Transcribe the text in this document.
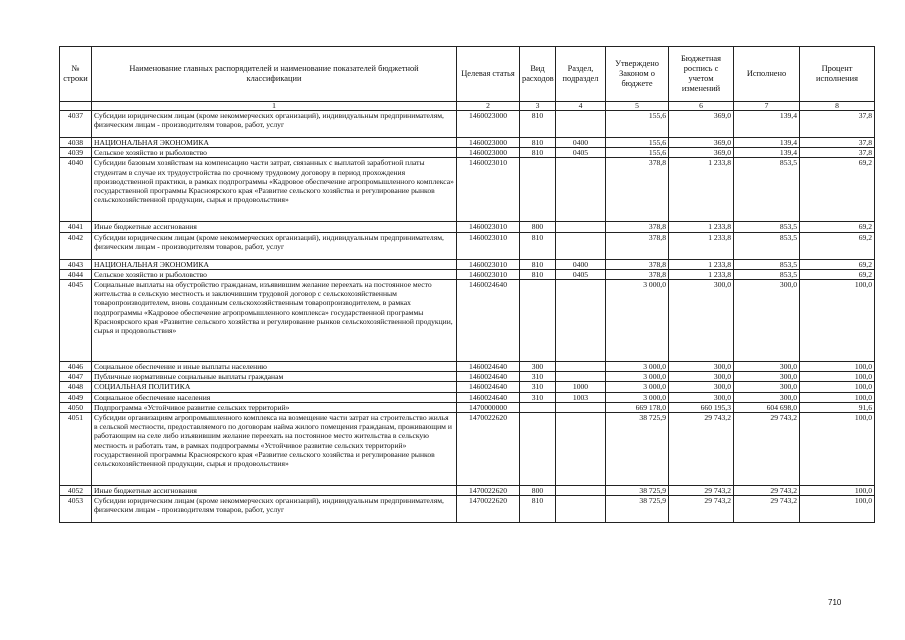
№ строки	Наименование главных распорядителей и наименование показателей бюджетной классификации	Целевая статья	Вид расходов	Раздел, подраздел	Утверждено Законом о бюджете	Бюджетная роспись с учетом изменений	Исполнено	Процент исполнения
	1	2	3	4	5	6	7	8
4037	Субсидии юридическим лицам (кроме некоммерческих организаций), индивидуальным предпринимателям, физическим лицам - производителям товаров, работ, услуг	1460023000	810		155,6	369,0	139,4	37,8
4038	НАЦИОНАЛЬНАЯ ЭКОНОМИКА	1460023000	810	0400	155,6	369,0	139,4	37,8
4039	Сельское хозяйство и рыболовство	1460023000	810	0405	155,6	369,0	139,4	37,8
4040	Субсидии базовым хозяйствам на компенсацию части затрат, связанных с выплатой заработной платы студентам в случае их трудоустройства по срочному трудовому договору в период прохождения производственной практики, в рамках подпрограммы «Кадровое обеспечение агропромышленного комплекса» государственной программы Красноярского края «Развитие сельского хозяйства и регулирование рынков сельскохозяйственной продукции, сырья и продовольствия»	1460023010			378,8	1 233,8	853,5	69,2
4041	Иные бюджетные ассигнования	1460023010	800		378,8	1 233,8	853,5	69,2
4042	Субсидии юридическим лицам (кроме некоммерческих организаций), индивидуальным предпринимателям, физическим лицам - производителям товаров, работ, услуг	1460023010	810		378,8	1 233,8	853,5	69,2
4043	НАЦИОНАЛЬНАЯ ЭКОНОМИКА	1460023010	810	0400	378,8	1 233,8	853,5	69,2
4044	Сельское хозяйство и рыболовство	1460023010	810	0405	378,8	1 233,8	853,5	69,2
4045	Социальные выплаты на обустройство гражданам, изъявившим желание переехать на постоянное место жительства в сельскую местность и заключившим трудовой договор с сельскохозяйственным товаропроизводителем, вновь созданным сельскохозяйственным товаропроизводителем, в рамках подпрограммы «Кадровое обеспечение агропромышленного комплекса» государственной программы Красноярского края «Развитие сельского хозяйства и регулирование рынков сельскохозяйственной продукции, сырья и продовольствия»	1460024640			3 000,0	300,0	300,0	100,0
4046	Социальное обеспечение и иные выплаты населению	1460024640	300		3 000,0	300,0	300,0	100,0
4047	Публичные нормативные социальные выплаты гражданам	1460024640	310		3 000,0	300,0	300,0	100,0
4048	СОЦИАЛЬНАЯ ПОЛИТИКА	1460024640	310	1000	3 000,0	300,0	300,0	100,0
4049	Социальное обеспечение населения	1460024640	310	1003	3 000,0	300,0	300,0	100,0
4050	Подпрограмма «Устойчивое развитие сельских территорий»	1470000000			669 178,0	660 195,3	604 698,0	91,6
4051	Субсидии организациям агропромышленного комплекса на возмещение части затрат на строительство жилья в сельской местности, предоставляемого по договорам найма жилого помещения гражданам, проживающим и работающим на селе либо изъявившим желание переехать на постоянное место жительства в сельскую местность и работать там, в рамках подпрограммы «Устойчивое развитие сельских территорий» государственной программы Красноярского края «Развитие сельского хозяйства и регулирование рынков сельскохозяйственной продукции, сырья и продовольствия»	1470022620			38 725,9	29 743,2	29 743,2	100,0
4052	Иные бюджетные ассигнования	1470022620	800		38 725,9	29 743,2	29 743,2	100,0
4053	Субсидии юридическим лицам (кроме некоммерческих организаций), индивидуальным предпринимателям, физическим лицам - производителям товаров, работ, услуг	1470022620	810		38 725,9	29 743,2	29 743,2	100,0
710
